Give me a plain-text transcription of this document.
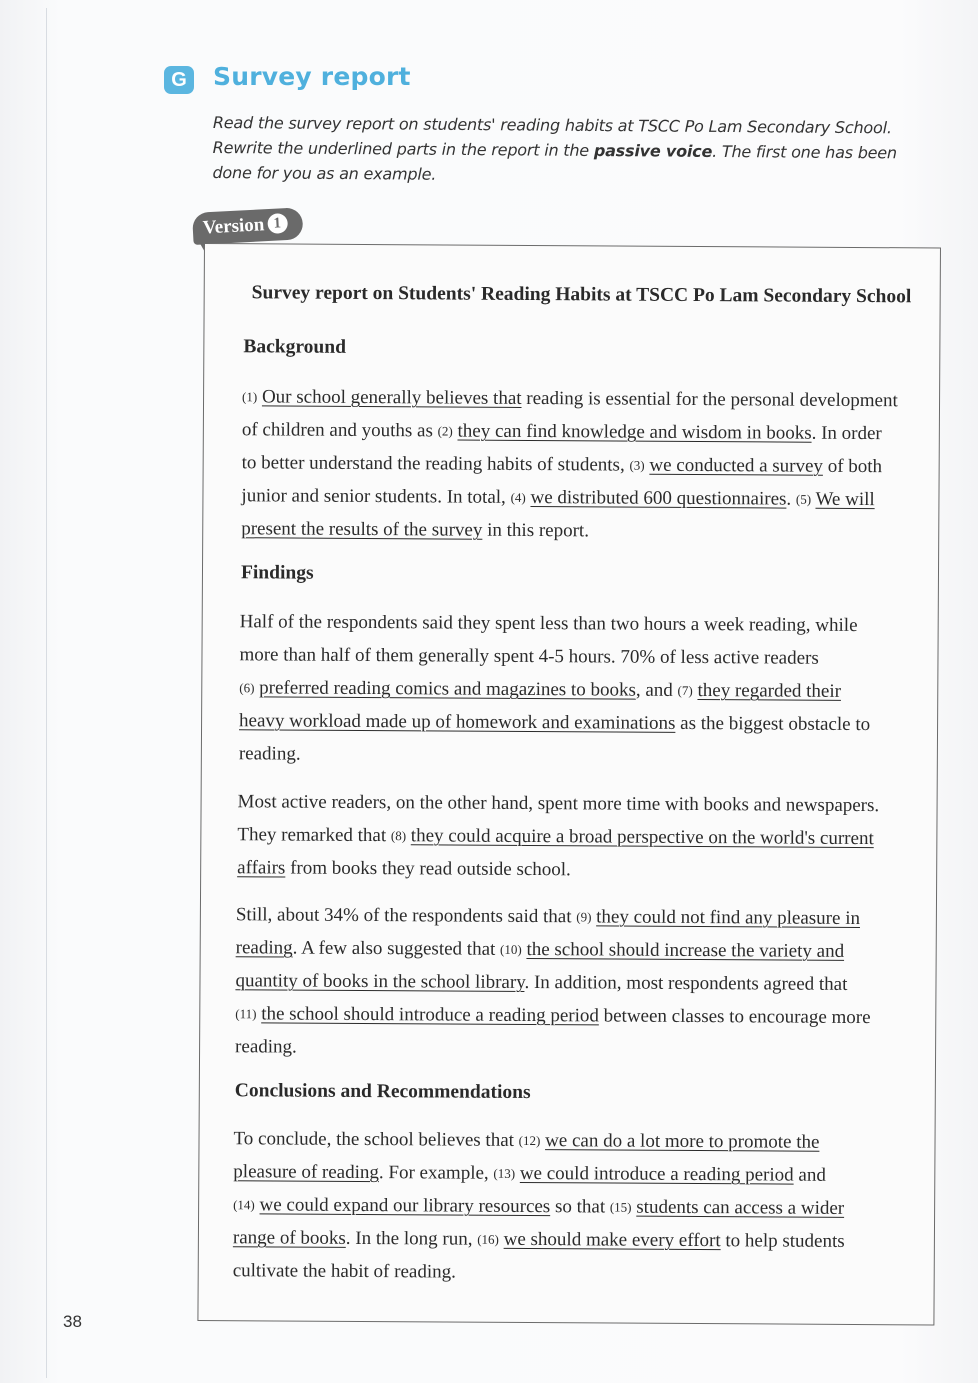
G Survey report
Read the survey report on students' reading habits at TSCC Po Lam Secondary School. Rewrite the underlined parts in the report in the passive voice. The first one has been done for you as an example.
Version 1
Survey report on Students' Reading Habits at TSCC Po Lam Secondary School
Background
(1) Our school generally believes that reading is essential for the personal development
of children and youths as (2) they can find knowledge and wisdom in books. In order
to better understand the reading habits of students, (3) we conducted a survey of both
junior and senior students. In total, (4) we distributed 600 questionnaires. (5) We will
present the results of the survey in this report.
Findings
Half of the respondents said they spent less than two hours a week reading, while
more than half of them generally spent 4-5 hours. 70% of less active readers
(6) preferred reading comics and magazines to books, and (7) they regarded their
heavy workload made up of homework and examinations as the biggest obstacle to
reading.
Most active readers, on the other hand, spent more time with books and newspapers.
They remarked that (8) they could acquire a broad perspective on the world's current
affairs from books they read outside school.
Still, about 34% of the respondents said that (9) they could not find any pleasure in
reading. A few also suggested that (10) the school should increase the variety and
quantity of books in the school library. In addition, most respondents agreed that
(11) the school should introduce a reading period between classes to encourage more
reading.
Conclusions and Recommendations
To conclude, the school believes that (12) we can do a lot more to promote the
pleasure of reading. For example, (13) we could introduce a reading period and
(14) we could expand our library resources so that (15) students can access a wider
range of books. In the long run, (16) we should make every effort to help students
cultivate the habit of reading.
38
